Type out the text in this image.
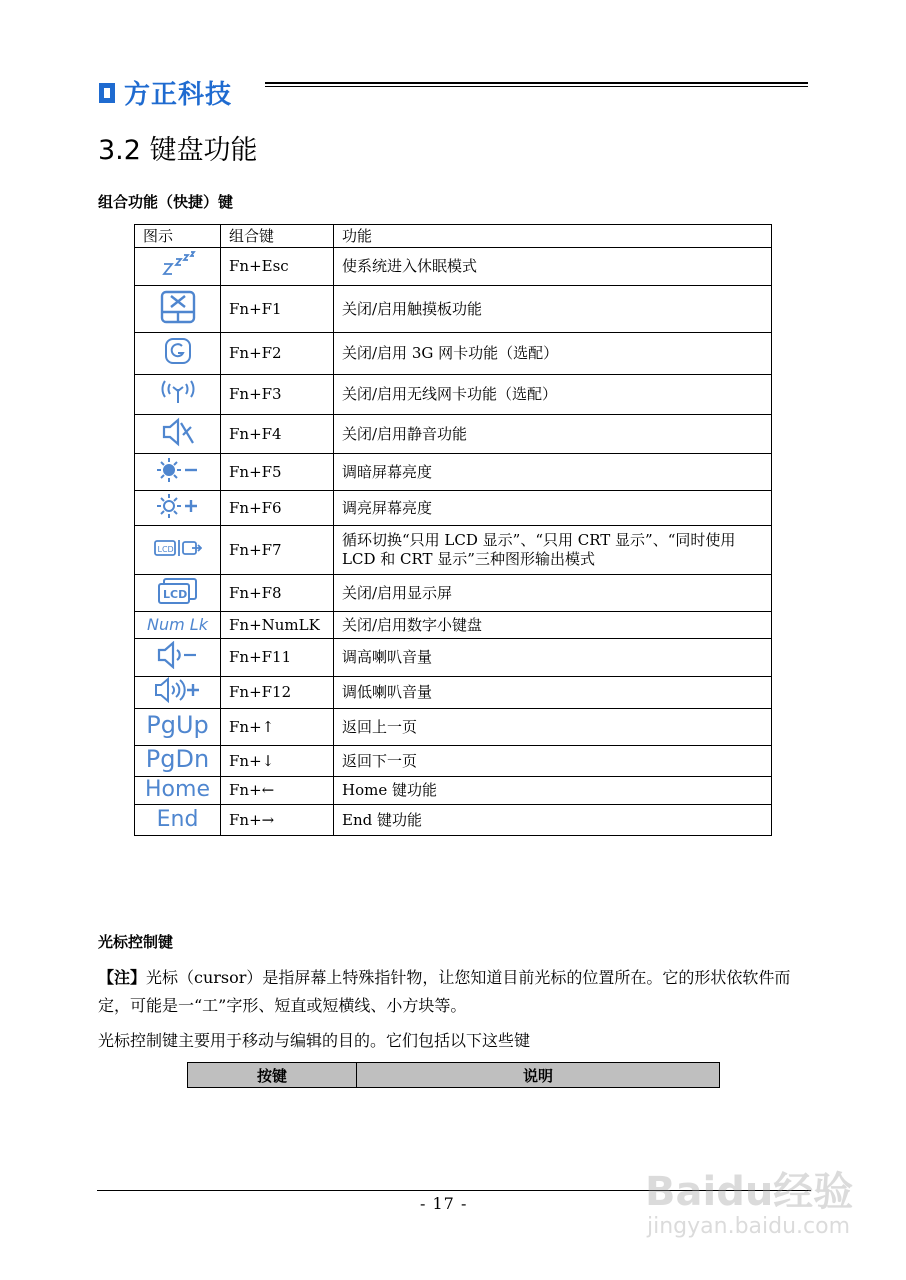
方正科技
3.2 键盘功能
组合功能（快捷）键
图示	组合键	功能

	Fn+Esc	使系统进入休眠模式

	Fn+F1	关闭/启用触摸板功能

	Fn+F2	关闭/启用 3G 网卡功能（选配）

	Fn+F3	关闭/启用无线网卡功能（选配）

	Fn+F4	关闭/启用静音功能

	Fn+F5	调暗屏幕亮度

	Fn+F6	调亮屏幕亮度

LCD	Fn+F7	循环切换“只用 LCD 显示”、“只用 CRT 显示”、“同时使用 LCD 和 CRT 显示”三种图形输出模式

LCD	Fn+F8	关闭/启用显示屏
Num Lk	Fn+NumLK	关闭/启用数字小键盘

	Fn+F11	调高喇叭音量

	Fn+F12	调低喇叭音量
PgUp	Fn+↑	返回上一页
PgDn	Fn+↓	返回下一页
Home	Fn+←	Home 键功能
End	Fn+→	End 键功能
光标控制键
【注】光标（cursor）是指屏幕上特殊指针物，让您知道目前光标的位置所在。它的形状依软件而定，可能是一“工”字形、短直或短横线、小方块等。
光标控制键主要用于移动与编辑的目的。它们包括以下这些键
按键	说明
- 17 -	Baidu经验
jingyan.baidu.com
